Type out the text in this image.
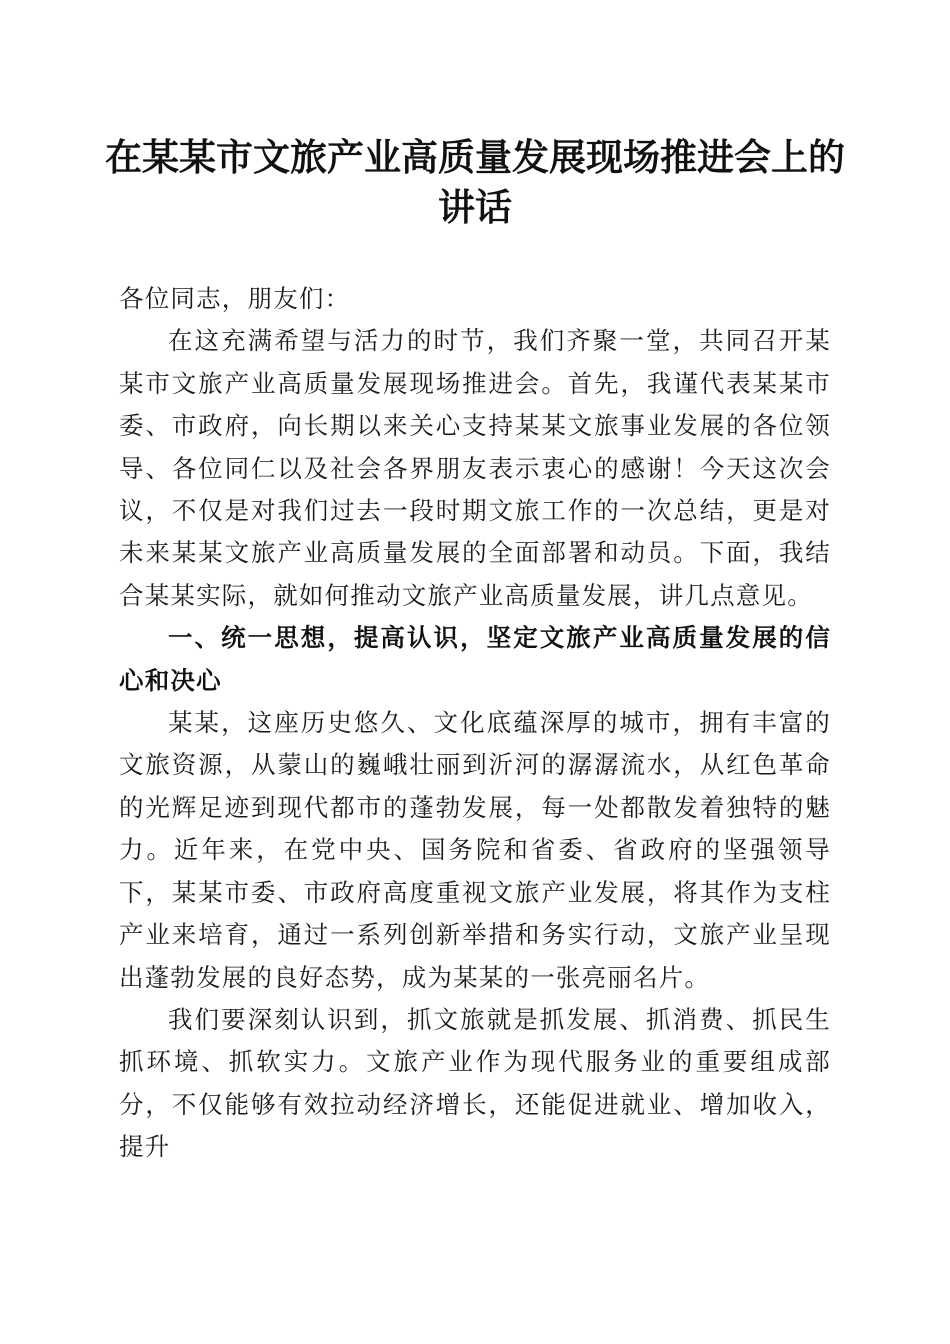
在某某市文旅产业高质量发展现场推进会上的讲话

各位同志，朋友们：

在这充满希望与活力的时节，我们齐聚一堂，共同召开某某市文旅产业高质量发展现场推进会。首先，我谨代表某某市委、市政府，向长期以来关心支持某某文旅事业发展的各位领导、各位同仁以及社会各界朋友表示衷心的感谢！今天这次会议，不仅是对我们过去一段时期文旅工作的一次总结，更是对未来某某文旅产业高质量发展的全面部署和动员。下面，我结合某某实际，就如何推动文旅产业高质量发展，讲几点意见。

一、统一思想，提高认识，坚定文旅产业高质量发展的信心和决心

某某，这座历史悠久、文化底蕴深厚的城市，拥有丰富的文旅资源，从蒙山的巍峨壮丽到沂河的潺潺流水，从红色革命的光辉足迹到现代都市的蓬勃发展，每一处都散发着独特的魅力。近年来，在党中央、国务院和省委、省政府的坚强领导下，某某市委、市政府高度重视文旅产业发展，将其作为支柱产业来培育，通过一系列创新举措和务实行动，文旅产业呈现出蓬勃发展的良好态势，成为某某的一张亮丽名片。

我们要深刻认识到，抓文旅就是抓发展、抓消费、抓民生抓环境、抓软实力。文旅产业作为现代服务业的重要组成部分，不仅能够有效拉动经济增长，还能促进就业、增加收入，提升
